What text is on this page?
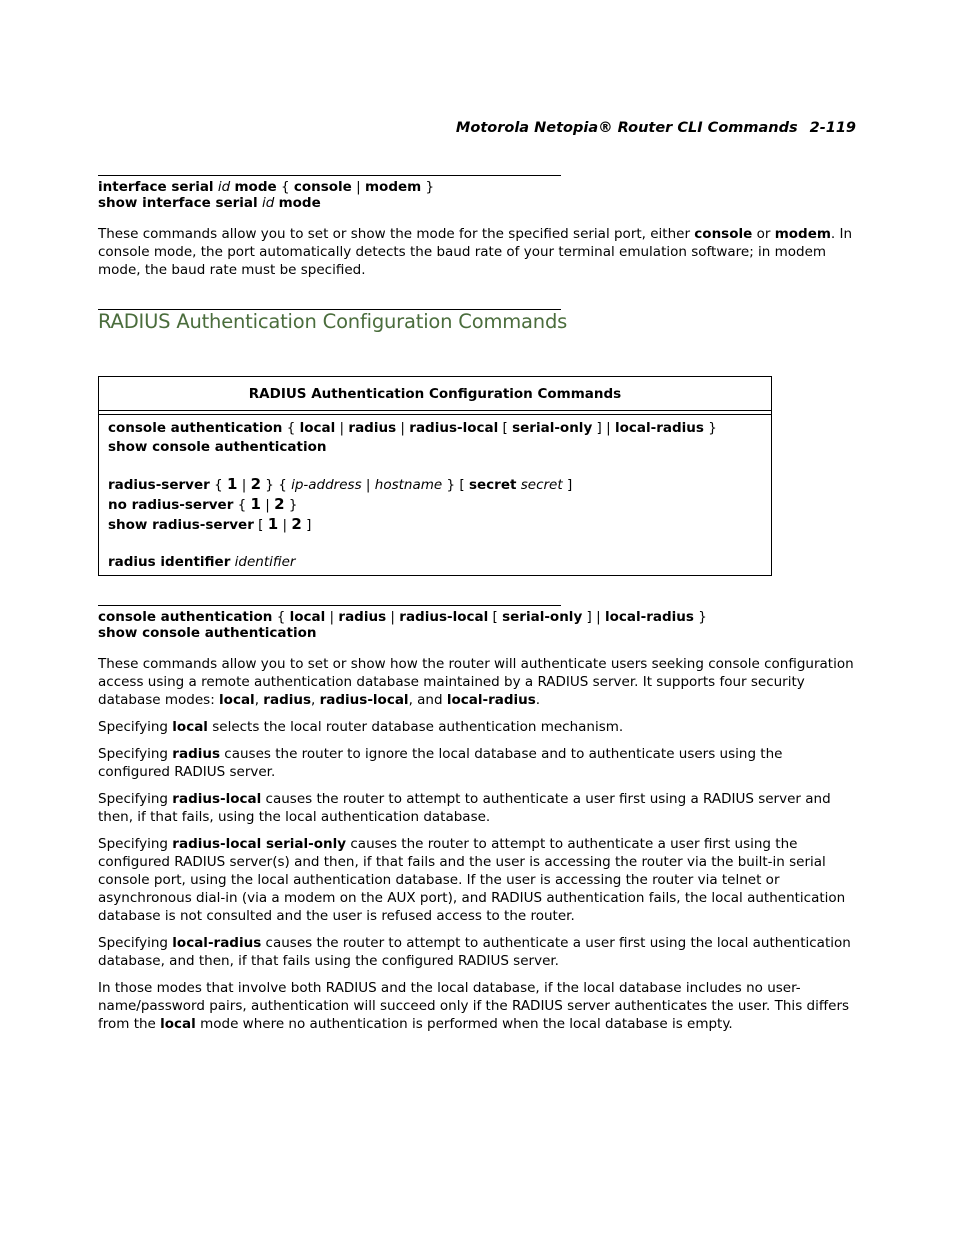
Motorola Netopia® Router CLI Commands 2-119
interface serial id mode { console | modem }
show interface serial id mode

These commands allow you to set or show the mode for the specified serial port, either console or modem. In console mode, the port automatically detects the baud rate of your terminal emulation software; in modem mode, the baud rate must be specified.

RADIUS Authentication Configuration Commands
RADIUS Authentication Configuration Commands
console authentication { local | radius | radius-local [ serial-only ] | local-radius }
show console authentication
radius-server { 1 | 2 } { ip-address | hostname } [ secret secret ]
no radius-server { 1 | 2 }
show radius-server [ 1 | 2 ]
radius identifier identifier
console authentication { local | radius | radius-local [ serial-only ] | local-radius }
show console authentication

These commands allow you to set or show how the router will authenticate users seeking console configuration access using a remote authentication database maintained by a RADIUS server. It supports four security database modes: local, radius, radius-local, and local-radius.

Specifying local selects the local router database authentication mechanism.

Specifying radius causes the router to ignore the local database and to authenticate users using the configured RADIUS server.

Specifying radius-local causes the router to attempt to authenticate a user first using a RADIUS server and then, if that fails, using the local authentication database.

Specifying radius-local serial-only causes the router to attempt to authenticate a user first using the configured RADIUS server(s) and then, if that fails and the user is accessing the router via the built-in serial console port, using the local authentication database. If the user is accessing the router via telnet or asynchronous dial-in (via a modem on the AUX port), and RADIUS authentication fails, the local authentication database is not consulted and the user is refused access to the router.

Specifying local-radius causes the router to attempt to authenticate a user first using the local authentication database, and then, if that fails using the configured RADIUS server.

In those modes that involve both RADIUS and the local database, if the local database includes no user-name/password pairs, authentication will succeed only if the RADIUS server authenticates the user. This differs from the local mode where no authentication is performed when the local database is empty.
